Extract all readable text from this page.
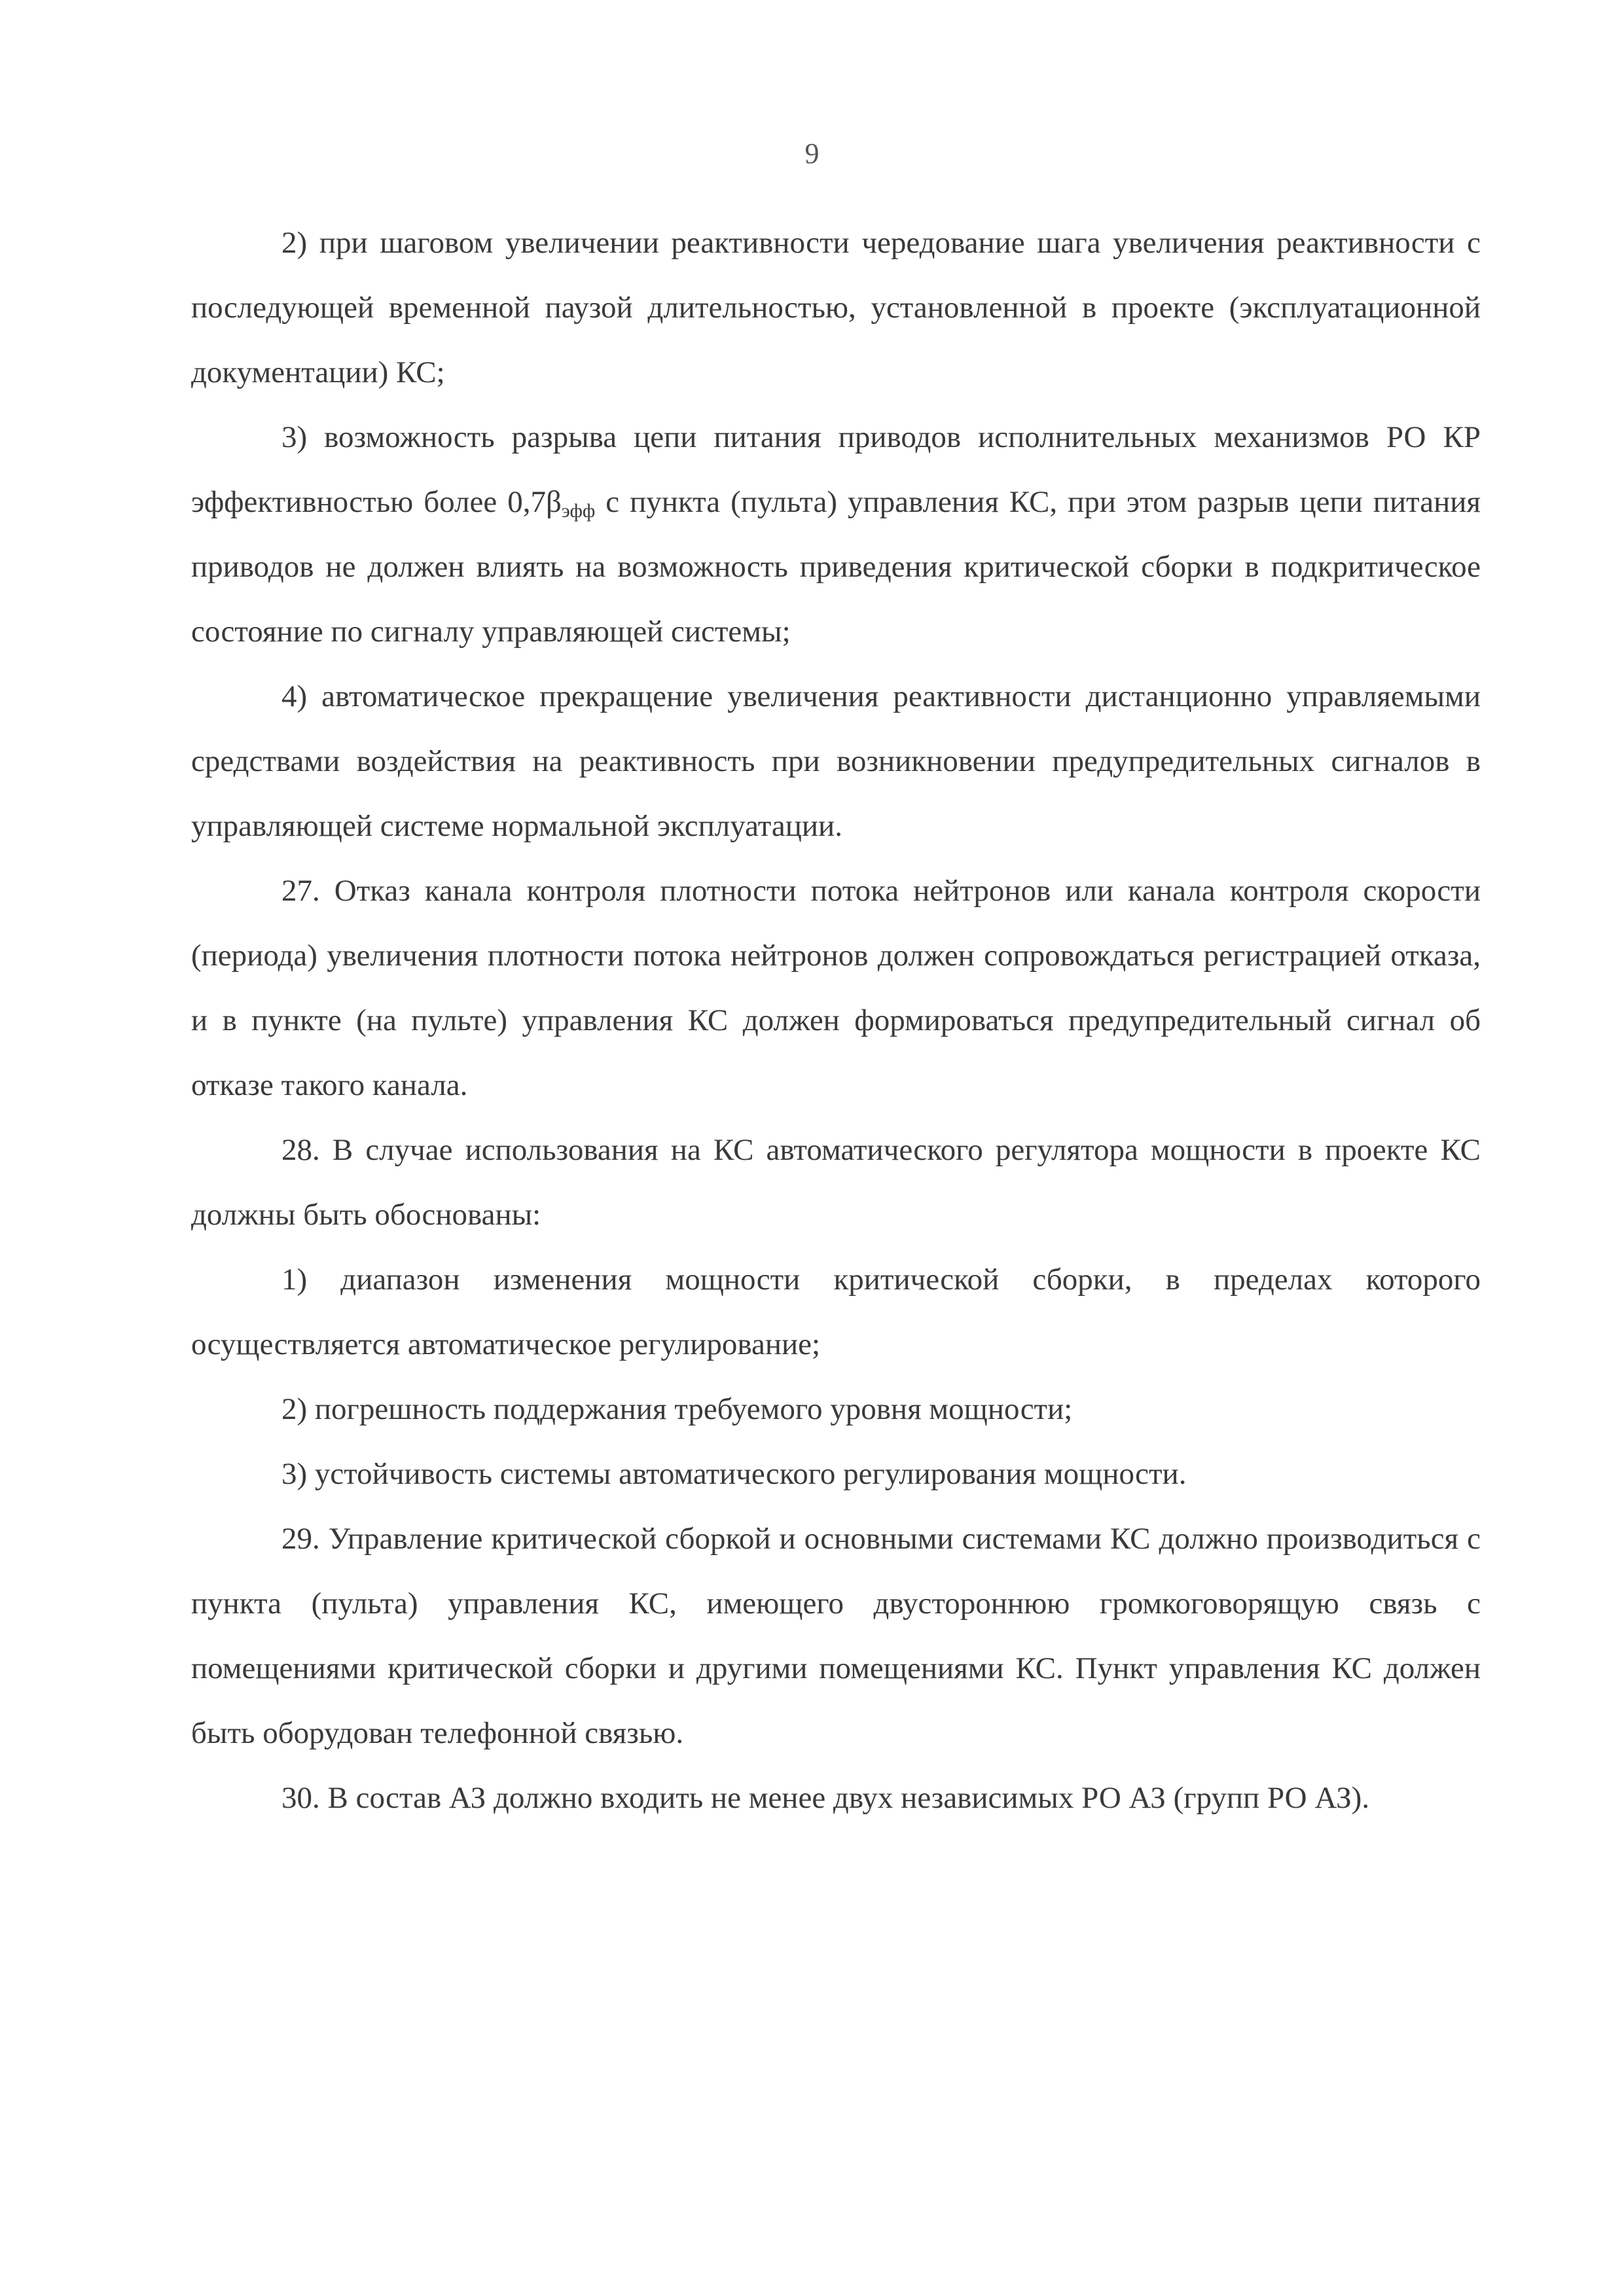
9

2) при шаговом увеличении реактивности чередование шага увеличения реактивности с последующей временной паузой длительностью, установленной в проекте (эксплуатационной документации) КС;

3) возможность разрыва цепи питания приводов исполнительных механизмов РО КР эффективностью более $0,7\beta_{эфф}$ с пункта (пульта) управления КС, при этом разрыв цепи питания приводов не должен влиять на возможность приведения критической сборки в подкритическое состояние по сигналу управляющей системы;

4) автоматическое прекращение увеличения реактивности дистанционно управляемыми средствами воздействия на реактивность при возникновении предупредительных сигналов в управляющей системе нормальной эксплуатации.

27. Отказ канала контроля плотности потока нейтронов или канала контроля скорости (периода) увеличения плотности потока нейтронов должен сопровождаться регистрацией отказа, и в пункте (на пульте) управления КС должен формироваться предупредительный сигнал об отказе такого канала.

28. В случае использования на КС автоматического регулятора мощности в проекте КС должны быть обоснованы:

1) диапазон изменения мощности критической сборки, в пределах которого осуществляется автоматическое регулирование;

2) погрешность поддержания требуемого уровня мощности;

3) устойчивость системы автоматического регулирования мощности.

29. Управление критической сборкой и основными системами КС должно производиться с пункта (пульта) управления КС, имеющего двустороннюю громкоговорящую связь с помещениями критической сборки и другими помещениями КС. Пункт управления КС должен быть оборудован телефонной связью.

30. В состав АЗ должно входить не менее двух независимых РО АЗ (групп РО АЗ).
